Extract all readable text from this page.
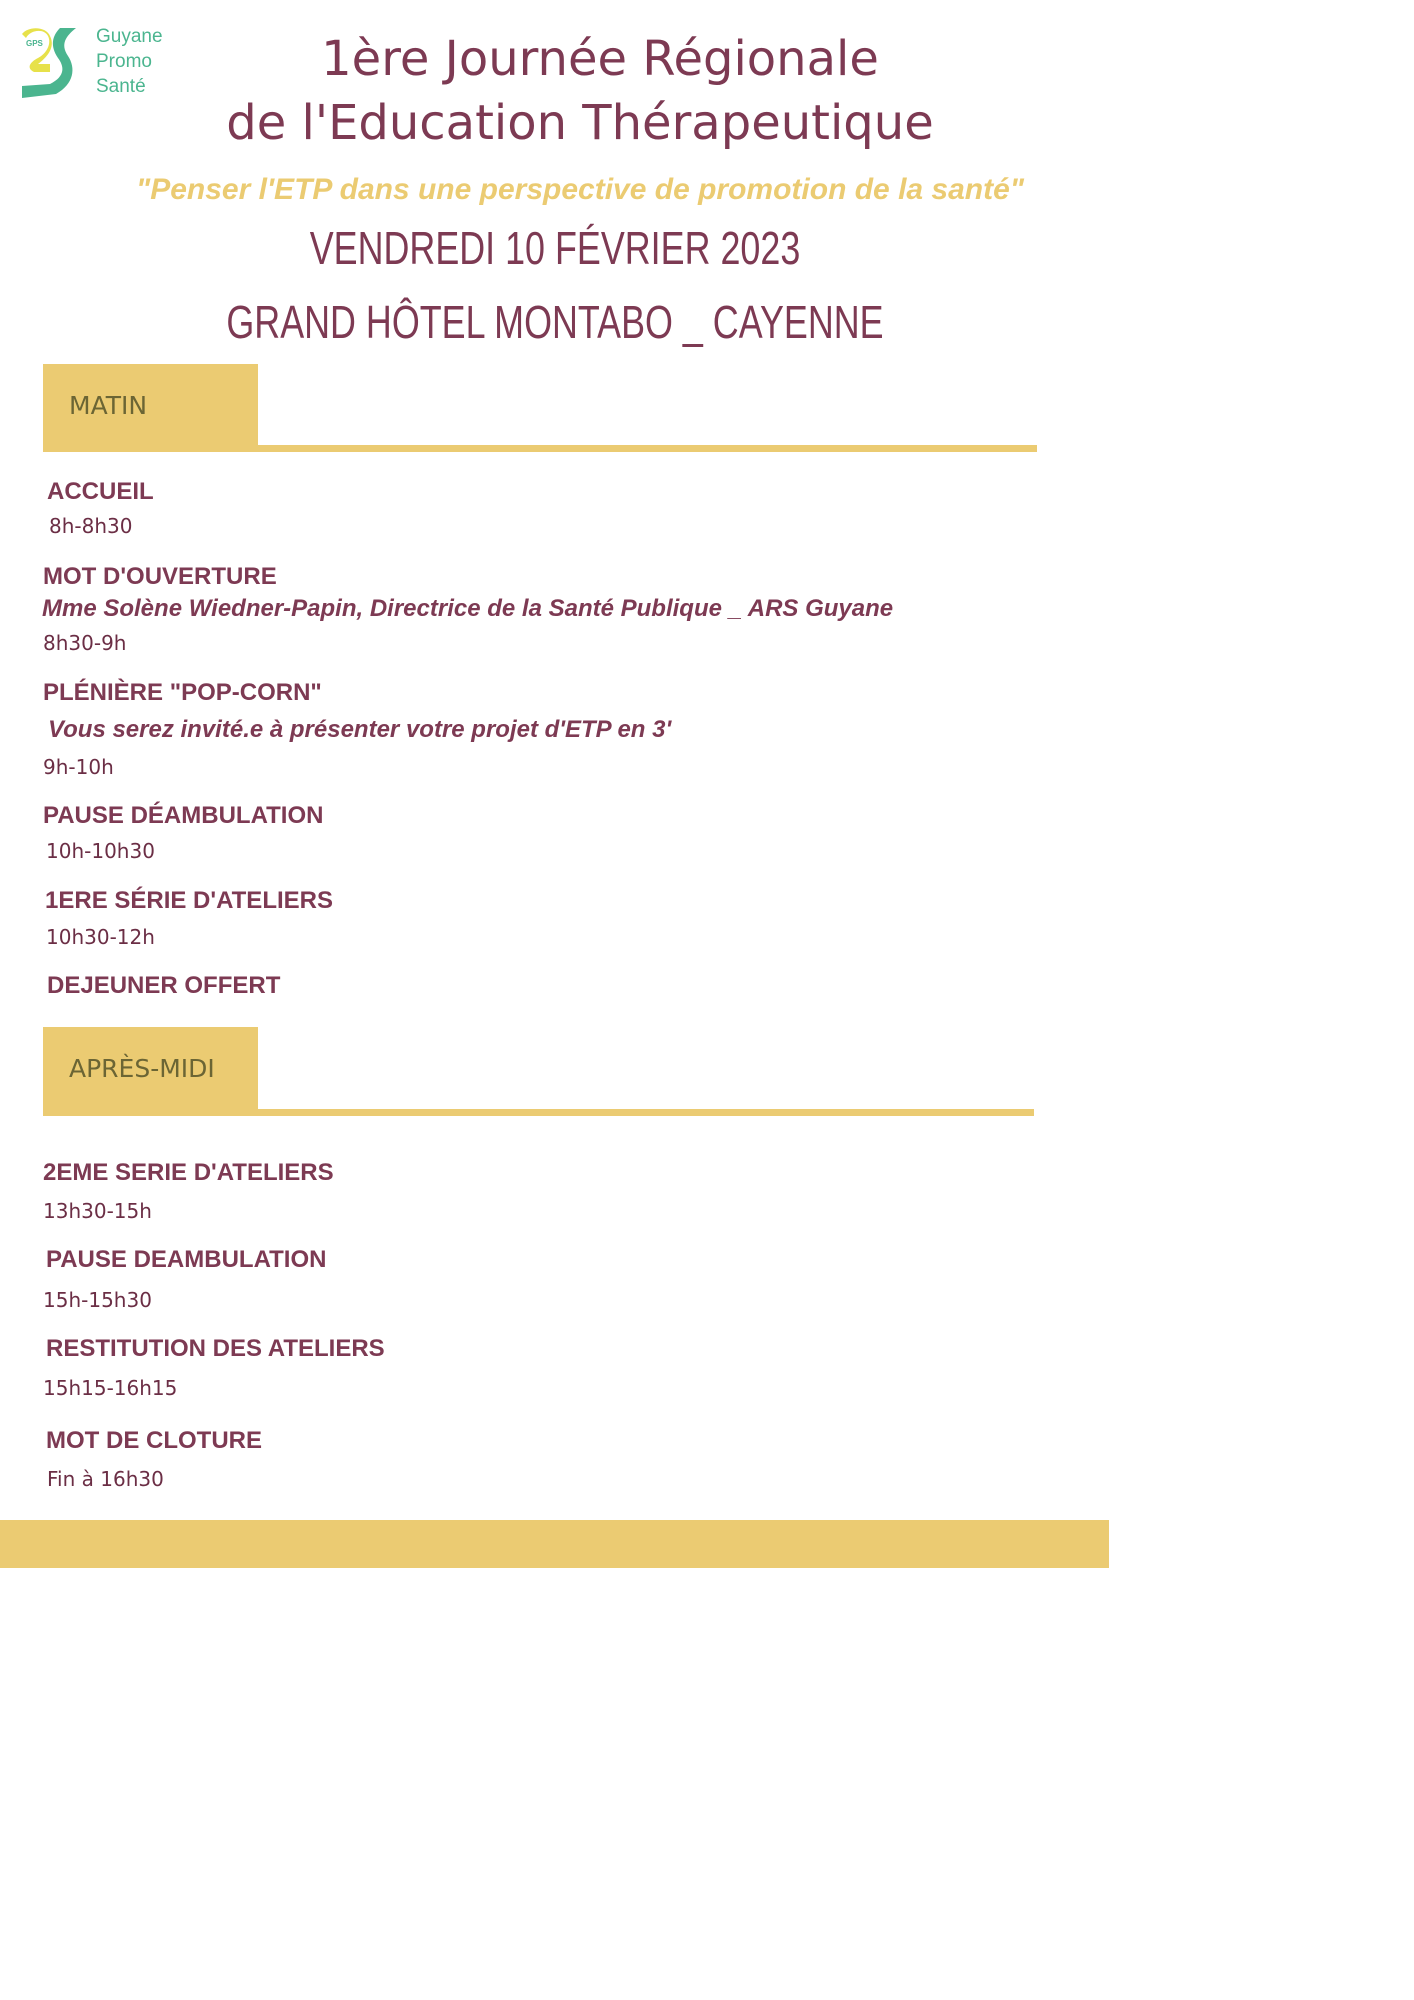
GPS	Guyane
Promo
Santé	1ère Journée Régionale
de l'Education Thérapeutique
"Penser l'ETP dans une perspective de promotion de la santé"
VENDREDI 10 FÉVRIER 2023
GRAND HÔTEL MONTABO _ CAYENNE
MATIN
ACCUEIL
8h-8h30
MOT D'OUVERTURE
Mme Solène Wiedner-Papin, Directrice de la Santé Publique _ ARS Guyane
8h30-9h
PLÉNIÈRE "POP-CORN"
Vous serez invité.e à présenter votre projet d'ETP en 3'
9h-10h
PAUSE DÉAMBULATION
10h-10h30
1ERE SÉRIE D'ATELIERS
10h30-12h
DEJEUNER OFFERT
APRÈS-MIDI
2EME SERIE D'ATELIERS
13h30-15h
PAUSE DEAMBULATION
15h-15h30
RESTITUTION DES ATELIERS
15h15-16h15
MOT DE CLOTURE
Fin à 16h30
